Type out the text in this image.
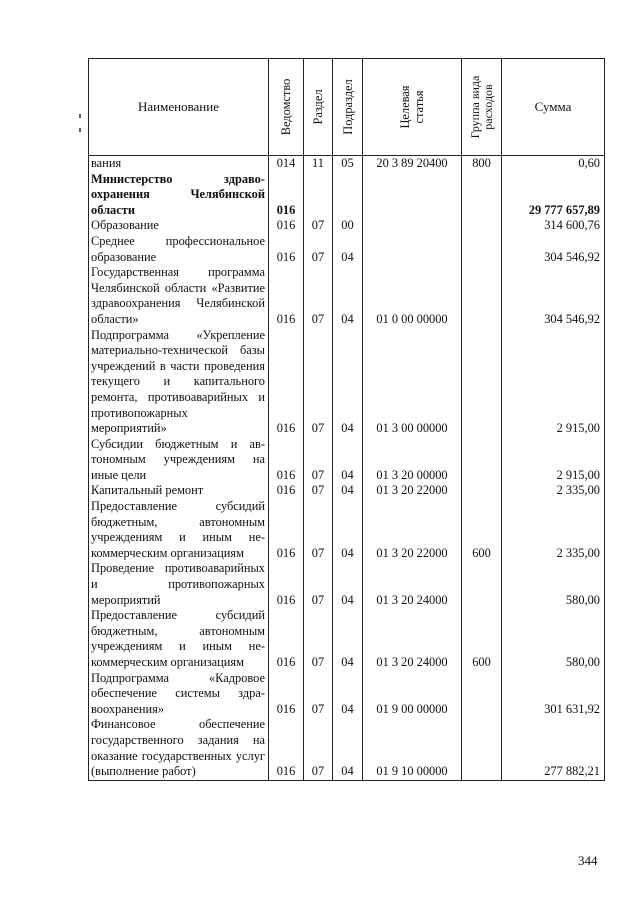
Наименование	Ведомство	Раздел	Подраздел	Целевая статья	Группа вида расходов	Сумма
вания	014	11	05	20 3 89 20400	800	0,60
Министерство здравоохранения Челябинской области	016					29 777 657,89
Образование	016	07	00			314 600,76
Среднее профессиональное образование	016	07	04			304 546,92
Государственная программа Челябинской области «Развитие здравоохранения Челябинской области»	016	07	04	01 0 00 00000		304 546,92
Подпрограмма «Укрепление материально-технической базы учреждений в части проведения текущего и капитального ремонта, противоаварийных и противопожарных мероприятий»	016	07	04	01 3 00 00000		2 915,00
Субсидии бюджетным и автономным учреждениям на иные цели	016	07	04	01 3 20 00000		2 915,00
Капитальный ремонт	016	07	04	01 3 20 22000		2 335,00
Предоставление субсидий бюджетным, автономным учреждениям и иным некоммерческим организациям	016	07	04	01 3 20 22000	600	2 335,00
Проведение противоаварийных и противопожарных мероприятий	016	07	04	01 3 20 24000		580,00
Предоставление субсидий бюджетным, автономным учреждениям и иным некоммерческим организациям	016	07	04	01 3 20 24000	600	580,00
Подпрограмма «Кадровое обеспечение системы здравоохранения»	016	07	04	01 9 00 00000		301 631,92
Финансовое обеспечение государственного задания на оказание государственных услуг (выполнение работ)	016	07	04	01 9 10 00000		277 882,21
344
